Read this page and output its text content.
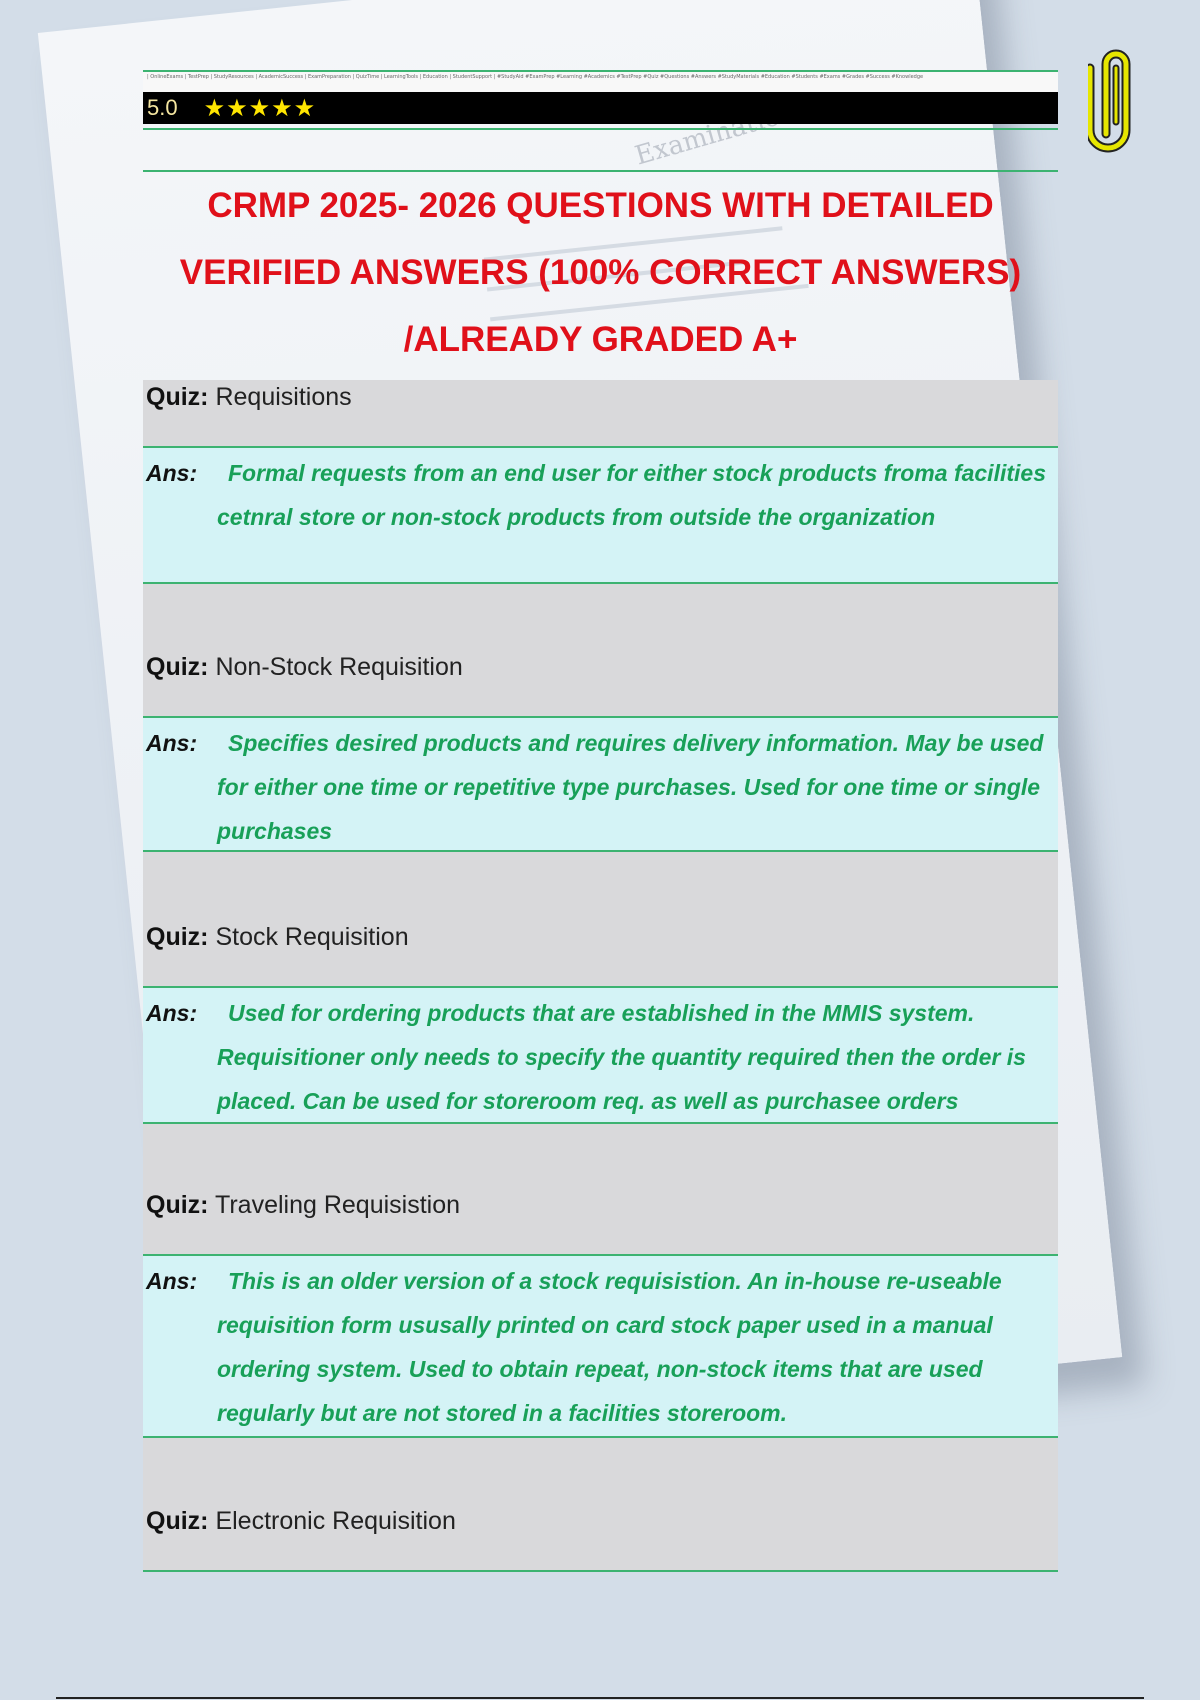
| OnlineExams | TestPrep | StudyResources | AcademicSuccess | ExamPreparation | QuizTime | LearningTools | Education | StudentSupport | #StudyAid #ExamPrep #Learning #Academics #TestPrep #Quiz #Questions #Answers #StudyMaterials #Education #Students #Exams #Grades #Success #Knowledge
5.0 ★★★★★

CRMP 2025- 2026 QUESTIONS WITH DETAILED

VERIFIED ANSWERS (100% CORRECT ANSWERS)

/ALREADY GRADED A+

Quiz: Requisitions
Ans:	Formal requests from an end user for either stock products froma facilities cetnral store or non-stock products from outside the organization
Quiz: Non-Stock Requisition
Ans:	Specifies desired products and requires delivery information. May be used for either one time or repetitive type purchases. Used for one time or single purchases
Quiz: Stock Requisition
Ans:	Used for ordering products that are established in the MMIS system. Requisitioner only needs to specify the quantity required then the order is placed. Can be used for storeroom req. as well as purchasee orders
Quiz: Traveling Requisistion
Ans:	This is an older version of a stock requisistion. An in-house re-useable requisition form ususally printed on card stock paper used in a manual ordering system. Used to obtain repeat, non-stock items that are used regularly but are not stored in a facilities storeroom.
Quiz: Electronic Requisition
